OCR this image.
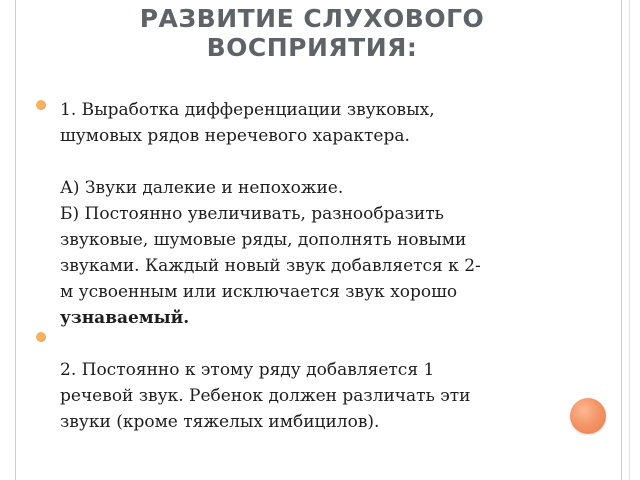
РАЗВИТИЕ СЛУХОВОГО
ВОСПРИЯТИЯ:

1. Выработка дифференциации звуковых,

шумовых рядов неречевого характера.

А) Звуки далекие и непохожие.

Б) Постоянно увеличивать, разнообразить

звуковые, шумовые ряды, дополнять новыми

звуками. Каждый новый звук добавляется к 2-

м усвоенным или исключается звук хорошо

узнаваемый.

2. Постоянно к этому ряду добавляется 1

речевой звук. Ребенок должен различать эти

звуки (кроме тяжелых имбицилов).
